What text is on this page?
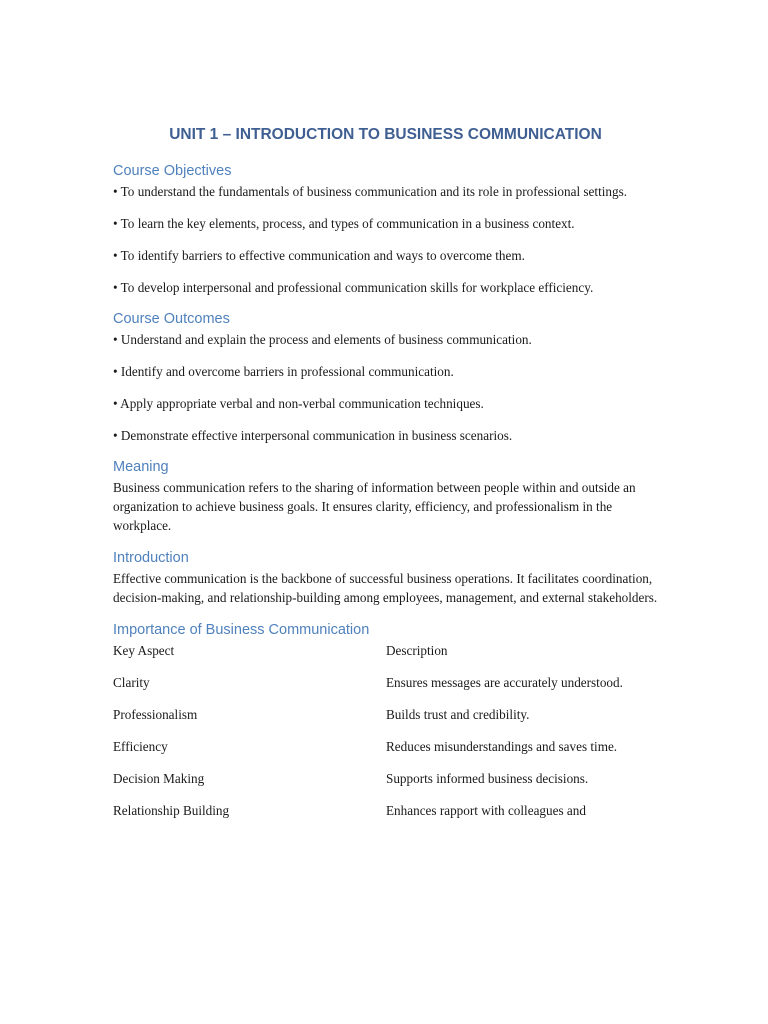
UNIT 1 – INTRODUCTION TO BUSINESS COMMUNICATION
Course Objectives
• To understand the fundamentals of business communication and its role in professional settings.
• To learn the key elements, process, and types of communication in a business context.
• To identify barriers to effective communication and ways to overcome them.
• To develop interpersonal and professional communication skills for workplace efficiency.
Course Outcomes
• Understand and explain the process and elements of business communication.
• Identify and overcome barriers in professional communication.
• Apply appropriate verbal and non-verbal communication techniques.
• Demonstrate effective interpersonal communication in business scenarios.
Meaning

Business communication refers to the sharing of information between people within and outside an organization to achieve business goals. It ensures clarity, efficiency, and professionalism in the workplace.

Introduction

Effective communication is the backbone of successful business operations. It facilitates coordination, decision-making, and relationship-building among employees, management, and external stakeholders.

Importance of Business Communication
Key Aspect	Description
Clarity	Ensures messages are accurately understood.
Professionalism	Builds trust and credibility.
Efficiency	Reduces misunderstandings and saves time.
Decision Making	Supports informed business decisions.
Relationship Building	Enhances rapport with colleagues and
